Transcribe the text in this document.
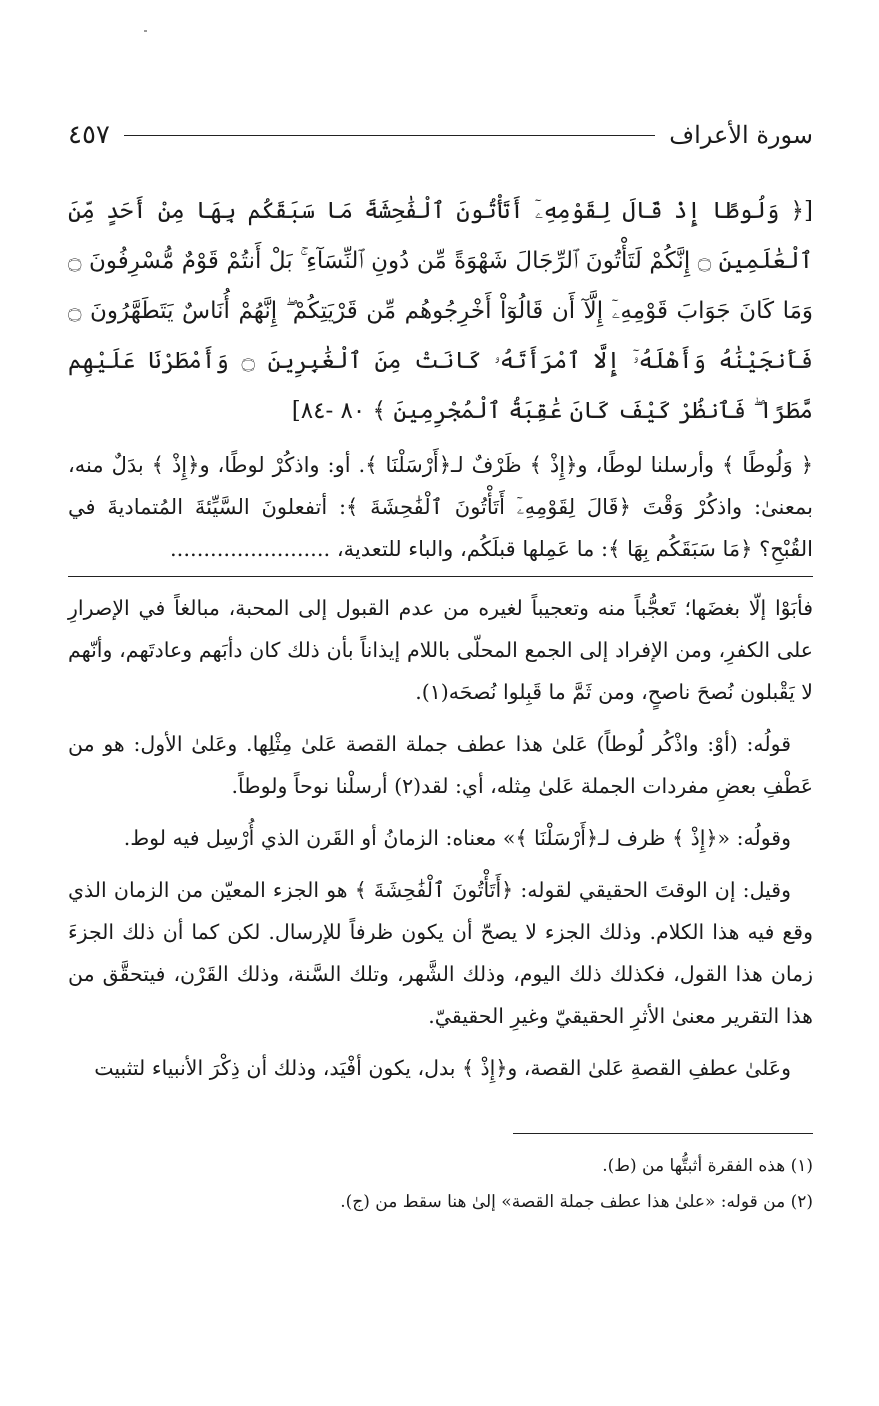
سورة الأعراف
٤٥٧
[﴿ وَلُوطًا إِذْ قَالَ لِقَوْمِهِۦٓ أَتَأْتُونَ ٱلْفَٰحِشَةَ مَا سَبَقَكُم بِهَا مِنْ أَحَدٍ مِّنَ ٱلْعَٰلَمِينَ ۝ إِنَّكُمْ لَتَأْتُونَ ٱلرِّجَالَ شَهْوَةً مِّن دُونِ ٱلنِّسَآءِ ۚ بَلْ أَنتُمْ قَوْمٌ مُّسْرِفُونَ ۝ وَمَا كَانَ جَوَابَ قَوْمِهِۦٓ إِلَّآ أَن قَالُوٓاْ أَخْرِجُوهُم مِّن قَرْيَتِكُمْ ۖ إِنَّهُمْ أُنَاسٌ يَتَطَهَّرُونَ ۝ فَأَنجَيْنَٰهُ وَأَهْلَهُۥٓ إِلَّا ٱمْرَأَتَهُۥ كَانَتْ مِنَ ٱلْغَٰبِرِينَ ۝ وَأَمْطَرْنَا عَلَيْهِم مَّطَرًا ۖ فَٱنظُرْ كَيْفَ كَانَ عَٰقِبَةُ ٱلْمُجْرِمِينَ ﴾ ٨٠ -٨٤]
﴿ وَلُوطًا ﴾ وأرسلنا لوطًا، و﴿إِذْ ﴾ ظَرْفٌ لـ﴿أَرْسَلْنَا ﴾. أو: واذكُرْ لوطًا، و﴿إِذْ ﴾ بدَلٌ منه، بمعنىٰ: واذكُرْ وَقْتَ ﴿قَالَ لِقَوْمِهِۦٓ أَتَأْتُونَ ٱلْفَٰحِشَةَ ﴾: أتفعلونَ السَّيِّئةَ المُتماديةَ في القُبْحِ؟ ﴿مَا سَبَقَكُم بِهَا ﴾: ما عَمِلها قبلَكُم، والباء للتعدية، ........................

فأبَوْا إلّا بغضَها؛ تَعجُّباً منه وتعجيباً لغيره من عدم القبول إلى المحبة، مبالغاً في الإصرارِ على الكفرِ، ومن الإفراد إلى الجمع المحلّى باللام إيذاناً بأن ذلك كان دأبَهم وعادتَهم، وأنّهم لا يَقْبلون نُصحَ ناصحٍ، ومن ثَمَّ ما قَبِلوا نُصحَه(١).

قولُه: (أوْ: واذْكُر لُوطاً) عَلىٰ هذا عطف جملة القصة عَلىٰ مِثْلِها. وعَلىٰ الأول: هو من عَطْفِ بعضِ مفردات الجملة عَلىٰ مِثله، أي: لقد(٢) أرسلْنا نوحاً ولوطاً.

وقولُه: «﴿إِذْ ﴾ ظرف لـ﴿أَرْسَلْنَا ﴾» معناه: الزمانُ أو القَرن الذي أُرْسِل فيه لوط.

وقيل: إن الوقتَ الحقيقي لقوله: ﴿أَتَأْتُونَ ٱلْفَٰحِشَةَ ﴾ هو الجزء المعيّن من الزمان الذي وقع فيه هذا الكلام. وذلك الجزء لا يصحّ أن يكون ظرفاً للإرسال. لكن كما أن ذلك الجزءَ زمان هذا القول، فكذلك ذلك اليوم، وذلك الشَّهر، وتلك السَّنة، وذلك القَرْن، فيتحقَّق من هذا التقرير معنىٰ الأثرِ الحقيقيّ وغيرِ الحقيقيّ.

وعَلىٰ عطفِ القصةِ عَلىٰ القصة، و﴿إِذْ ﴾ بدل، يكون أفْيَد، وذلك أن ذِكْرَ الأنبياء لتثبيت

(١) هذه الفقرة أثبتُّها من (ط).
(٢) من قوله: «علىٰ هذا عطف جملة القصة» إلىٰ هنا سقط من (ج).
